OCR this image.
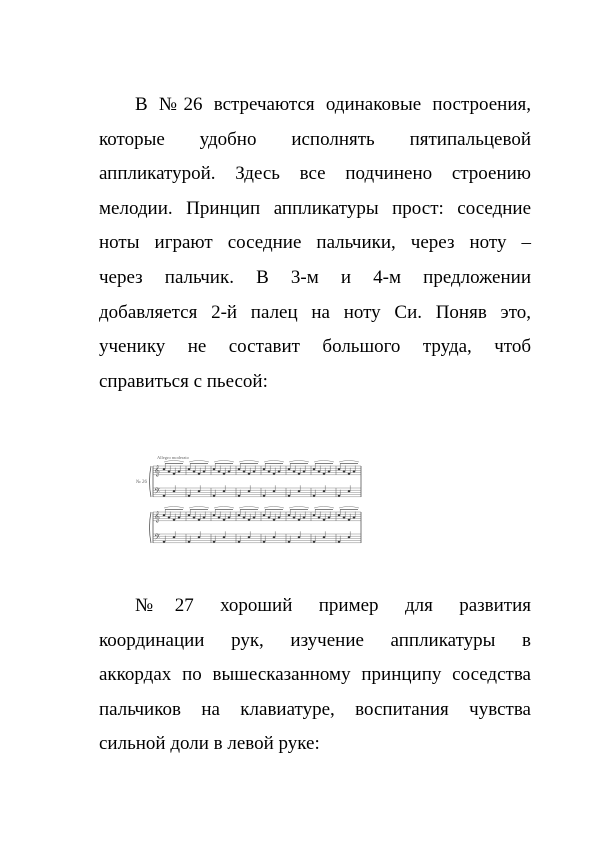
В №26 встречаются одинаковые построения,
которые удобно исполнять пятипальцевой
аппликатурой. Здесь все подчинено строению
мелодии. Принцип аппликатуры прост: соседние
ноты играют соседние пальчики, через ноту –
через пальчик. В 3-м и 4-м предложении
добавляется 2-й палец на ноту Си. Поняв это,
ученику не составит большого труда, чтоб
справиться с пьесой:

𝄞
𝄢
𝄞
𝄢
Allegro moderato
№ 26

№27 хороший пример для развития
координации рук, изучение аппликатуры в
аккордах по вышесказанному принципу соседства
пальчиков на клавиатуре, воспитания чувства
сильной доли в левой руке:
